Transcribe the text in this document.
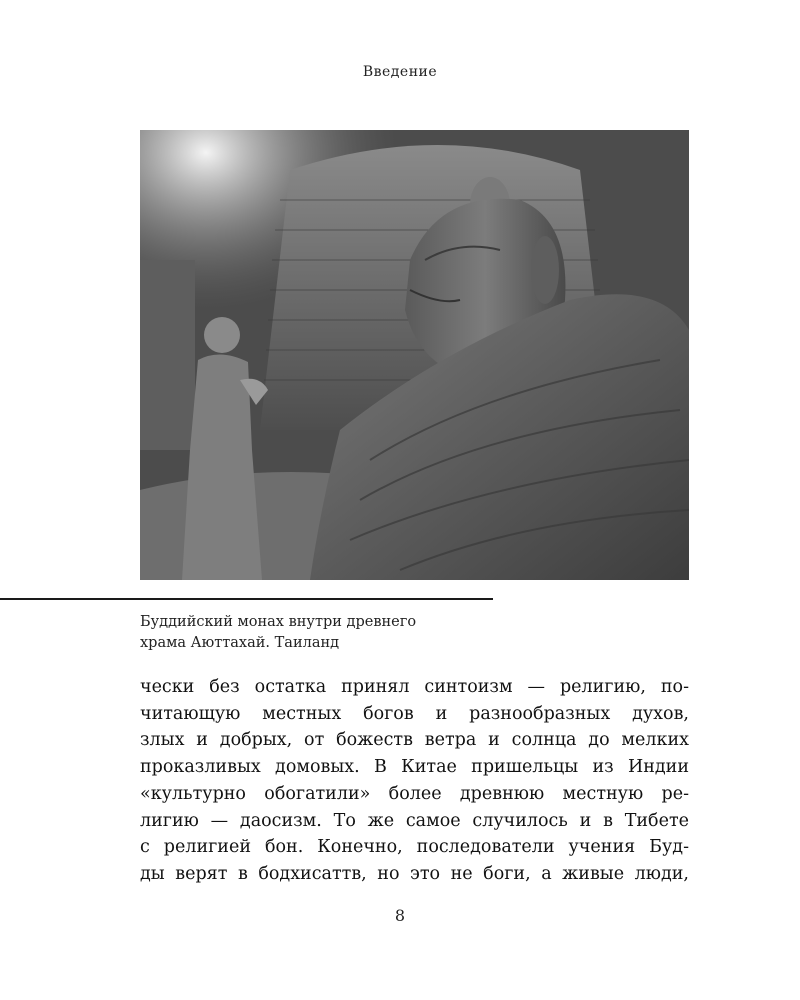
Введение
Буддийский монах внутри древнего
храма Аюттахай. Таиланд
чески без остатка принял синтоизм — религию, по-
читающую местных богов и разнообразных духов,
злых и добрых, от божеств ветра и солнца до мелких
проказливых домовых. В Китае пришельцы из Индии
«культурно обогатили» более древнюю местную ре-
лигию — даосизм. То же самое случилось и в Тибете
с религией бон. Конечно, последователи учения Буд-
ды верят в бодхисаттв, но это не боги, а живые люди,
8
